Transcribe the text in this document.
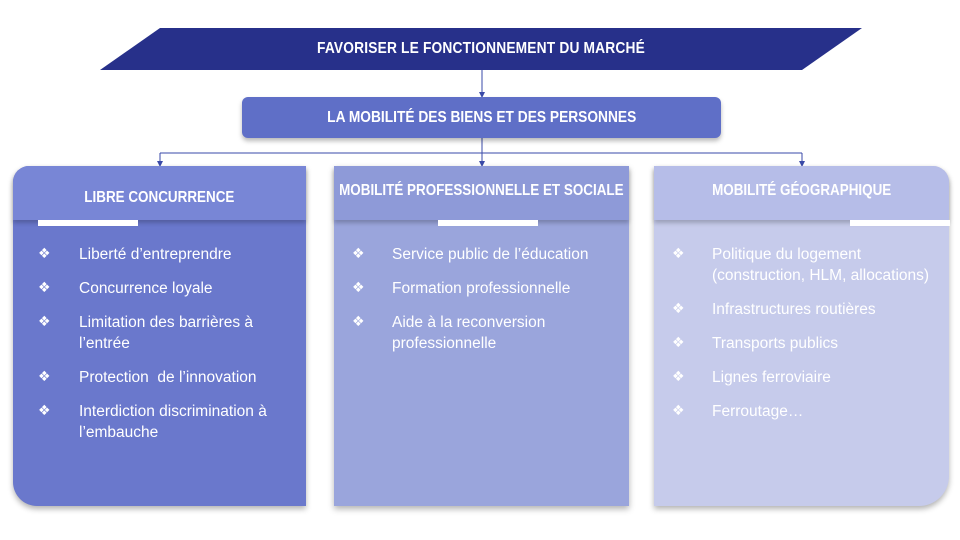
FAVORISER LE FONCTIONNEMENT DU MARCHÉ
LA MOBILITÉ DES BIENS ET DES PERSONNES
LIBRE CONCURRENCE
❖ Liberté d’entreprendre
❖ Concurrence loyale
❖ Limitation des barrières à l’entrée
❖ Protection  de l’innovation
❖ Interdiction discrimination à l’embauche
MOBILITÉ PROFESSIONNELLE ET SOCIALE
❖ Service public de l’éducation
❖ Formation professionnelle
❖ Aide à la reconversion professionnelle
MOBILITÉ GÉOGRAPHIQUE
❖ Politique du logement (construction, HLM, allocations)
❖ Infrastructures routières
❖ Transports publics
❖ Lignes ferroviaire
❖ Ferroutage…
